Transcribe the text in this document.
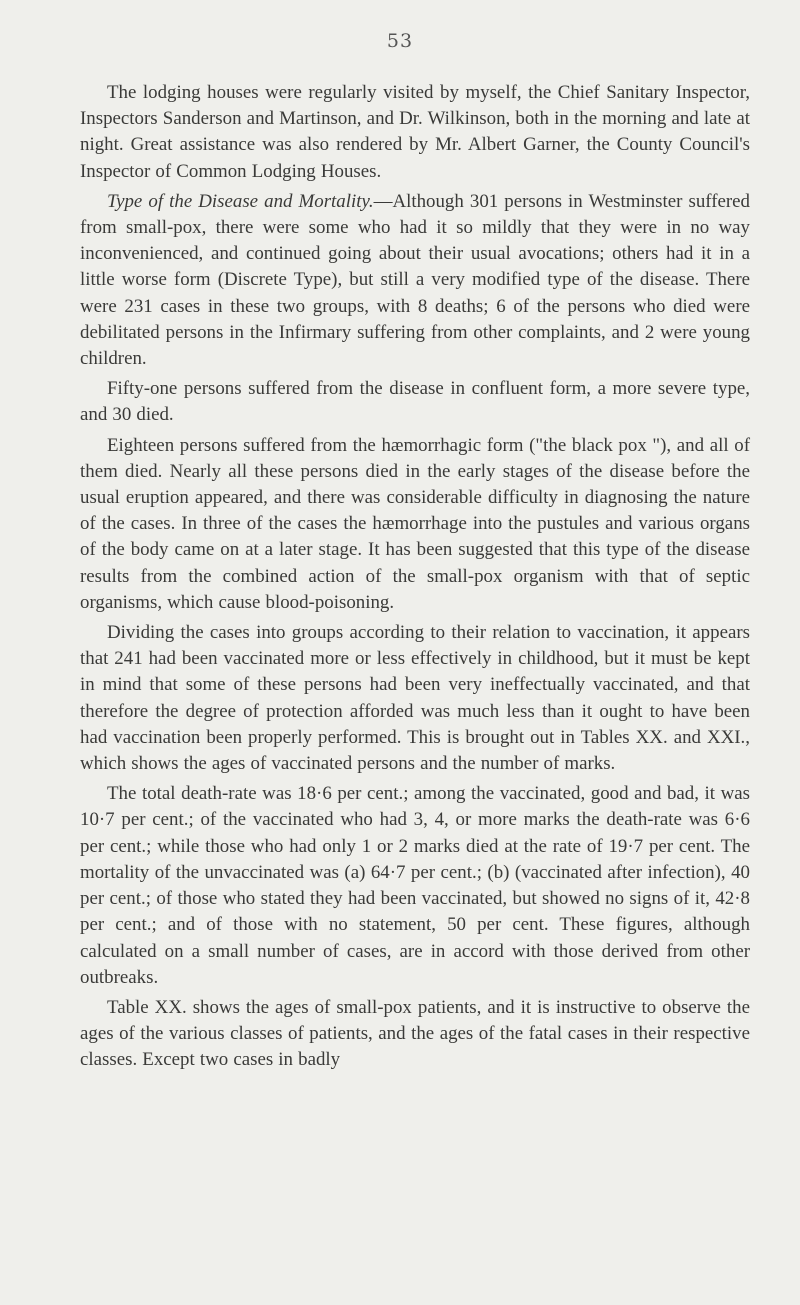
53

The lodging houses were regularly visited by myself, the Chief Sanitary Inspector, Inspectors Sanderson and Martinson, and Dr. Wilkinson, both in the morning and late at night. Great assistance was also rendered by Mr. Albert Garner, the County Council's Inspector of Common Lodging Houses.

Type of the Disease and Mortality.—Although 301 persons in Westminster suffered from small-pox, there were some who had it so mildly that they were in no way inconvenienced, and continued going about their usual avocations; others had it in a little worse form (Discrete Type), but still a very modified type of the disease. There were 231 cases in these two groups, with 8 deaths; 6 of the persons who died were debilitated persons in the Infirmary suffering from other complaints, and 2 were young children.

Fifty-one persons suffered from the disease in confluent form, a more severe type, and 30 died.

Eighteen persons suffered from the hæmorrhagic form ("the black pox "), and all of them died. Nearly all these persons died in the early stages of the disease before the usual eruption appeared, and there was considerable difficulty in diagnosing the nature of the cases. In three of the cases the hæmorrhage into the pustules and various organs of the body came on at a later stage. It has been suggested that this type of the disease results from the combined action of the small-pox organism with that of septic organisms, which cause blood-poisoning.

Dividing the cases into groups according to their relation to vaccination, it appears that 241 had been vaccinated more or less effectively in childhood, but it must be kept in mind that some of these persons had been very ineffectually vaccinated, and that therefore the degree of protection afforded was much less than it ought to have been had vaccination been properly performed. This is brought out in Tables XX. and XXI., which shows the ages of vaccinated persons and the number of marks.

The total death-rate was 18·6 per cent.; among the vaccinated, good and bad, it was 10·7 per cent.; of the vaccinated who had 3, 4, or more marks the death-rate was 6·6 per cent.; while those who had only 1 or 2 marks died at the rate of 19·7 per cent. The mortality of the unvaccinated was (a) 64·7 per cent.; (b) (vaccinated after infection), 40 per cent.; of those who stated they had been vaccinated, but showed no signs of it, 42·8 per cent.; and of those with no statement, 50 per cent. These figures, although calculated on a small number of cases, are in accord with those derived from other outbreaks.

Table XX. shows the ages of small-pox patients, and it is instructive to observe the ages of the various classes of patients, and the ages of the fatal cases in their respective classes. Except two cases in badly
